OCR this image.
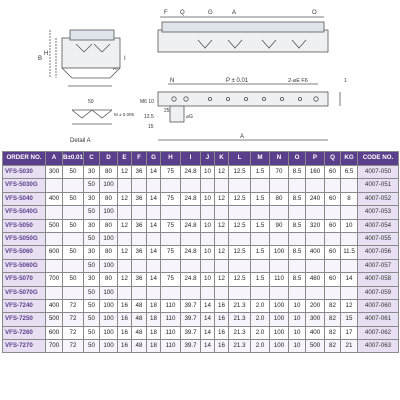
H
B	I
H7
F Q	G	A	O
N	P ± 0.01	2-⌀E F6	1
M6 10
25
12.5
15
⌀G
A
50
M ± 0.005
Detail A
ORDER NO.	A	B±0.01	C	D	E	F	G	H	I	J	K	L	M	N	O	P	Q	KG	CODE NO.
VFS-5030	300	50	30	80	12	36	14	75	24.8	10	12	12.5	1.5	70	8.5	160	60	6.5	4007-050
VFS-5030G			50	100															4007-051
VFS-5040	400	50	30	80	12	36	14	75	24.8	10	12	12.5	1.5	80	8.5	240	60	8	4007-052
VFS-5040G			50	100															4007-053
VFS-5050	500	50	30	80	12	36	14	75	24.8	10	12	12.5	1.5	90	8.5	320	60	10	4007-054
VFS-5050G			50	100															4007-055
VFS-5060	600	50	30	80	12	36	14	75	24.8	10	12	12.5	1.5	100	8.5	400	60	11.5	4007-056
VFS-5060G			50	100															4007-057
VFS-5070	700	50	30	80	12	36	14	75	24.8	10	12	12.5	1.5	110	8.5	480	60	14	4007-058
VFS-5070G			50	100															4007-059
VFS-7240	400	72	50	100	16	48	18	110	39.7	14	16	21.3	2.0	100	10	200	82	12	4007-060
VFS-7250	500	72	50	100	16	48	18	110	39.7	14	16	21.3	2.0	100	10	300	82	15	4007-061
VFS-7260	600	72	50	100	16	48	18	110	39.7	14	16	21.3	2.0	100	10	400	82	17	4007-062
VFS-7270	700	72	50	100	16	48	18	110	39.7	14	16	21.3	2.0	100	10	500	82	21	4007-063
